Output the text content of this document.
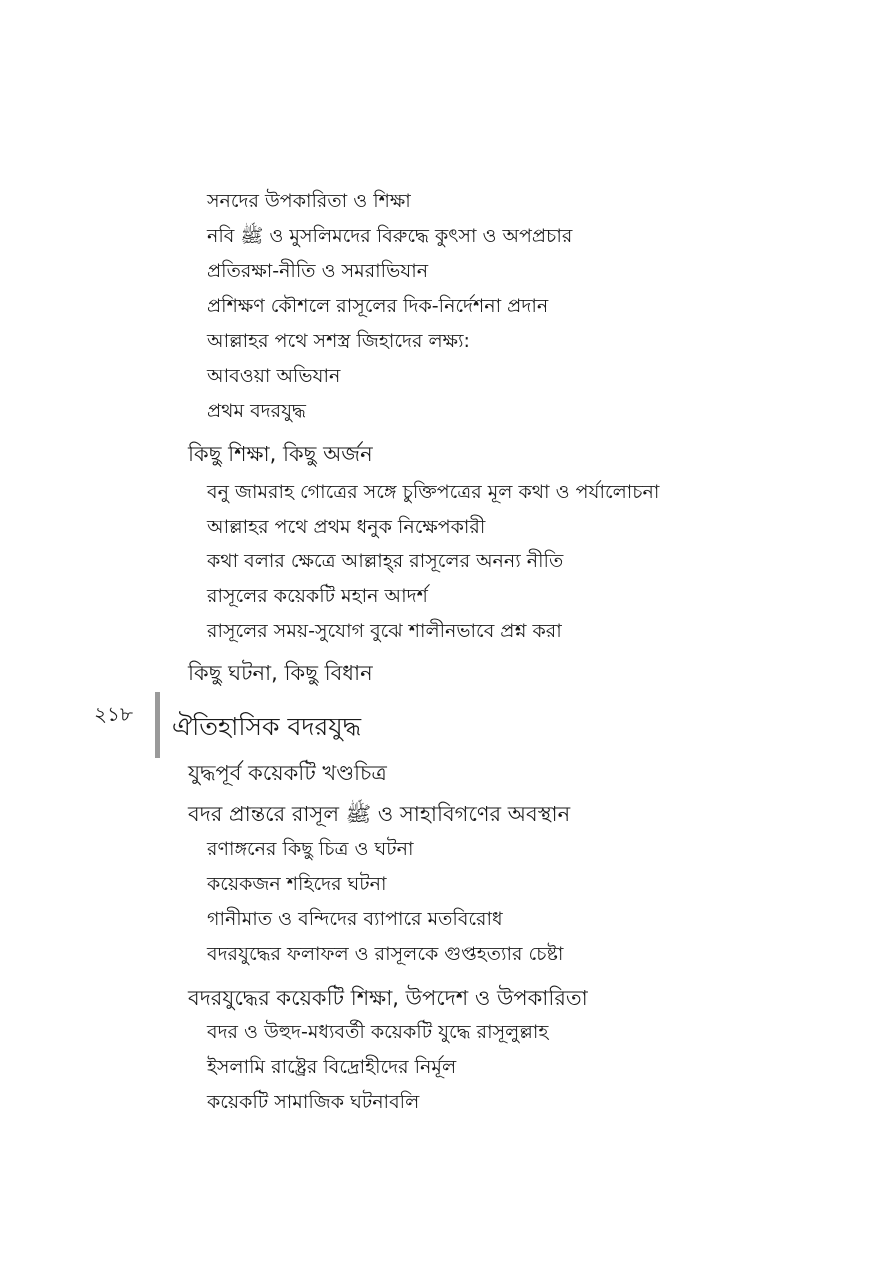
সনদের উপকারিতা ও শিক্ষা
নবি ﷺ ও মুসলিমদের বিরুদ্ধে কুৎসা ও অপপ্রচার
প্রতিরক্ষা-নীতি ও সমরাভিযান
প্রশিক্ষণ কৌশলে রাসূলের দিক-নির্দেশনা প্রদান
আল্লাহর পথে সশস্ত্র জিহাদের লক্ষ্য:
আবওয়া অভিযান
প্রথম বদরযুদ্ধ
কিছু শিক্ষা, কিছু অর্জন
বনু জামরাহ গোত্রের সঙ্গে চুক্তিপত্রের মূল কথা ও পর্যালোচনা
আল্লাহর পথে প্রথম ধনুক নিক্ষেপকারী
কথা বলার ক্ষেত্রে আল্লাহ্‌র রাসূলের অনন্য নীতি
রাসূলের কয়েকটি মহান আদর্শ
রাসূলের সময়-সুযোগ বুঝে শালীনভাবে প্রশ্ন করা
কিছু ঘটনা, কিছু বিধান
২১৮ ঐতিহাসিক বদরযুদ্ধ
যুদ্ধপূর্ব কয়েকটি খণ্ডচিত্র
বদর প্রান্তরে রাসূল ﷺ ও সাহাবিগণের অবস্থান
রণাঙ্গনের কিছু চিত্র ও ঘটনা
কয়েকজন শহিদের ঘটনা
গানীমাত ও বন্দিদের ব্যাপারে মতবিরোধ
বদরযুদ্ধের ফলাফল ও রাসূলকে গুপ্তহত্যার চেষ্টা
বদরযুদ্ধের কয়েকটি শিক্ষা, উপদেশ ও উপকারিতা
বদর ও উহুদ-মধ্যবর্তী কয়েকটি যুদ্ধে রাসূলুল্লাহ
ইসলামি রাষ্ট্রের বিদ্রোহীদের নির্মূল
কয়েকটি সামাজিক ঘটনাবলি
